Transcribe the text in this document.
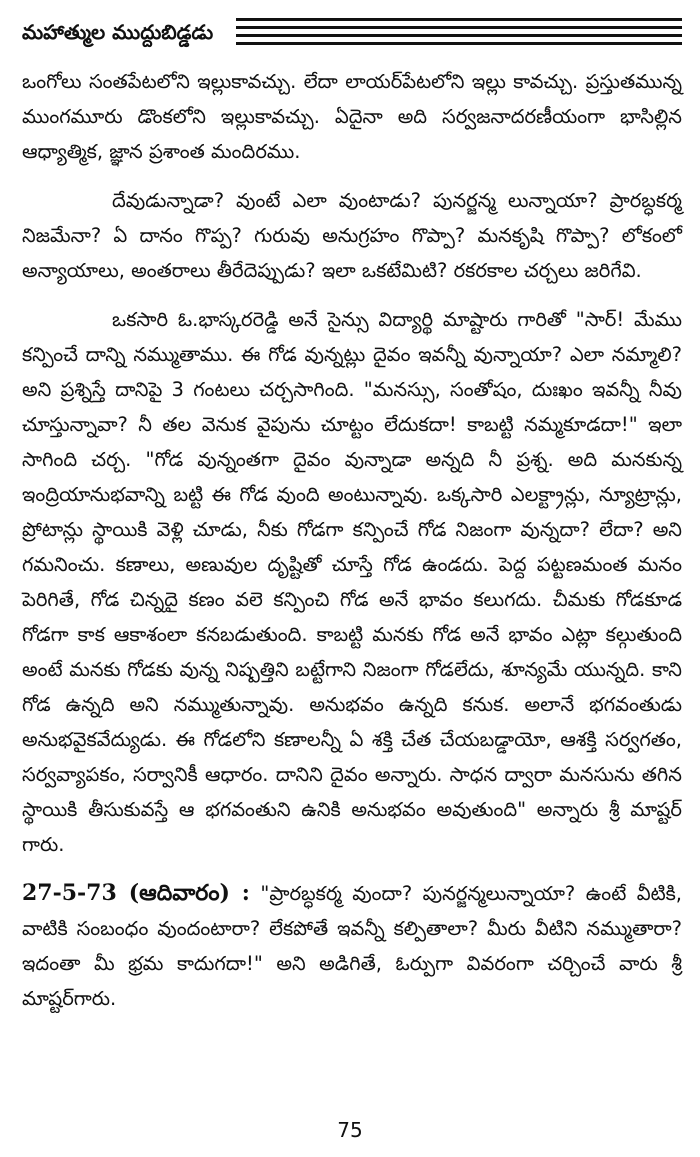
మహాత్ముల ముద్దుబిడ్డడు

ఒంగోలు సంతపేటలోని ఇల్లుకావచ్చు. లేదా లాయర్‌పేటలోని ఇల్లు కావచ్చు. ప్రస్తుతమున్న ముంగమూరు డొంకలోని ఇల్లుకావచ్చు. ఏదైనా అది సర్వజనాదరణీయంగా భాసిల్లిన ఆధ్యాత్మిక, జ్ఞాన ప్రశాంత మందిరము.

దేవుడున్నాడా? వుంటే ఎలా వుంటాడు? పునర్జన్మ లున్నాయా? ప్రారబ్ధకర్మ నిజమేనా? ఏ దానం గొప్ప? గురువు అనుగ్రహం గొప్పా? మనకృషి గొప్పా? లోకంలో అన్యాయాలు, అంతరాలు తీరేదెప్పుడు? ఇలా ఒకటేమిటి? రకరకాల చర్చలు జరిగేవి.

ఒకసారి ఓ.భాస్కరరెడ్డి అనే సైన్సు విద్యార్థి మాష్టారు గారితో "సార్! మేము కన్పించే దాన్ని నమ్ముతాము. ఈ గోడ వున్నట్లు దైవం ఇవన్నీ వున్నాయా? ఎలా నమ్మాలి? అని ప్రశ్నిస్తే దానిపై 3 గంటలు చర్చసాగింది. "మనస్సు, సంతోషం, దుఃఖం ఇవన్నీ నీవు చూస్తున్నావా? నీ తల వెనుక వైపును చూట్టం లేదుకదా! కాబట్టి నమ్మకూడదా!" ఇలా సాగింది చర్చ. "గోడ వున్నంతగా దైవం వున్నాడా అన్నది నీ ప్రశ్న. అది మనకున్న ఇంద్రియానుభవాన్ని బట్టి ఈ గోడ వుంది అంటున్నావు. ఒక్కసారి ఎలక్ట్రాన్లు, న్యూట్రాన్లు, ప్రోటాన్లు స్థాయికి వెళ్లి చూడు, నీకు గోడగా కన్పించే గోడ నిజంగా వున్నదా? లేదా? అని గమనించు. కణాలు, అణువుల దృష్టితో చూస్తే గోడ ఉండదు. పెద్ద పట్టణమంత మనం పెరిగితే, గోడ చిన్నదై కణం వలె కన్పించి గోడ అనే భావం కలుగదు. చీమకు గోడకూడ గోడగా కాక ఆకాశంలా కనబడుతుంది. కాబట్టి మనకు గోడ అనే భావం ఎట్లా కల్గుతుంది అంటే మనకు గోడకు వున్న నిష్పత్తిని బట్టేగాని నిజంగా గోడలేదు, శూన్యమే యున్నది. కాని గోడ ఉన్నది అని నమ్ముతున్నావు. అనుభవం ఉన్నది కనుక. అలానే భగవంతుడు అనుభవైకవేద్యుడు. ఈ గోడలోని కణాలన్నీ ఏ శక్తి చేత చేయబడ్డాయో, ఆశక్తి సర్వగతం, సర్వవ్యాపకం, సర్వానికీ ఆధారం. దానిని దైవం అన్నారు. సాధన ద్వారా మనసును తగిన స్థాయికి తీసుకువస్తే ఆ భగవంతుని ఉనికి అనుభవం అవుతుంది" అన్నారు శ్రీ మాష్టర్ గారు.

27-5-73 (ఆదివారం) : "ప్రారబ్ధకర్మ వుందా? పునర్జన్మలున్నాయా? ఉంటే వీటికి, వాటికి సంబంధం వుందంటారా? లేకపోతే ఇవన్నీ కల్పితాలా? మీరు వీటిని నమ్ముతారా? ఇదంతా మీ భ్రమ కాదుగదా!" అని అడిగితే, ఓర్పుగా వివరంగా చర్చించే వారు శ్రీ మాష్టర్‌గారు.

75
